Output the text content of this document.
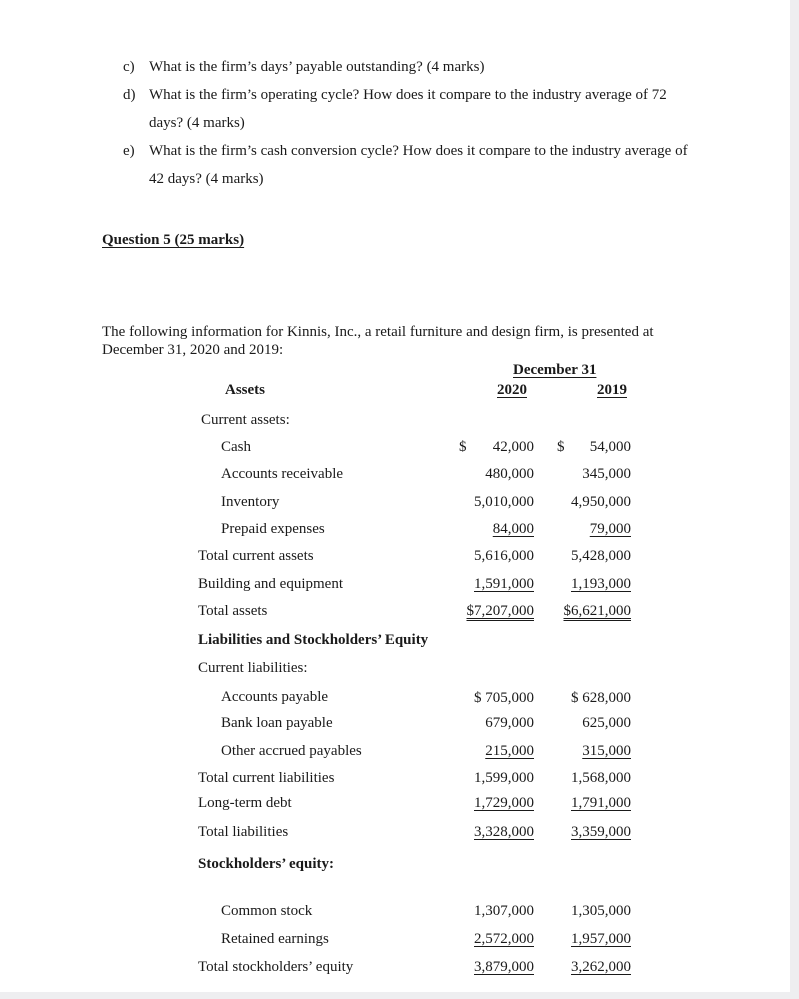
c) What is the firm’s days’ payable outstanding? (4 marks)
d) What is the firm’s operating cycle? How does it compare to the industry average of 72
days? (4 marks)
e) What is the firm’s cash conversion cycle? How does it compare to the industry average of
42 days? (4 marks)
Question 5 (25 marks)
The following information for Kinnis, Inc., a retail furniture and design firm, is presented at
December 31, 2020 and 2019:
December 31
Assets	2020	2019
Current assets:
Cash	$ 42,000 $ 54,000
Accounts receivable	480,000	345,000
Inventory	5,010,000 4,950,000
Prepaid expenses	84,000	79,000
Total current assets	5,616,000 5,428,000
Building and equipment	1,591,000 1,193,000
Total assets	$7,207,000 $6,621,000
Liabilities and Stockholders’ Equity
Current liabilities:
Accounts payable	$ 705,000 $ 628,000
Bank loan payable	679,000	625,000
Other accrued payables	215,000	315,000
Total current liabilities	1,599,000 1,568,000
Long-term debt	1,729,000 1,791,000
Total liabilities	3,328,000 3,359,000
Stockholders’ equity:
Common stock	1,307,000 1,305,000
Retained earnings	2,572,000 1,957,000
Total stockholders’ equity	3,879,000 3,262,000
